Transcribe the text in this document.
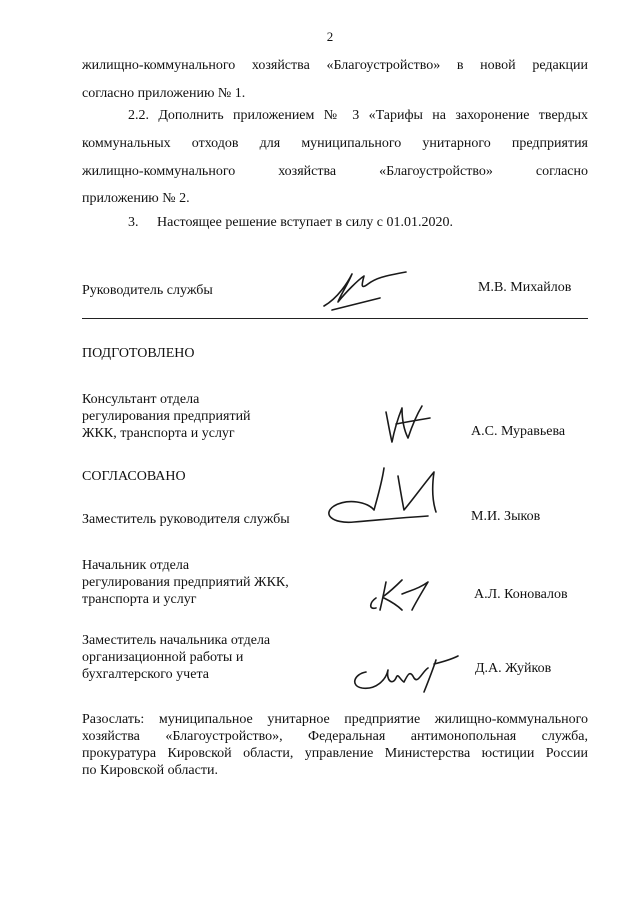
2
жилищно-коммунального хозяйства «Благоустройство» в новой редакции
согласно приложению № 1.
2.2. Дополнить приложением № 3 «Тарифы на захоронение твердых
коммунальных отходов для муниципального унитарного предприятия
жилищно-коммунального хозяйства «Благоустройство» согласно
приложению № 2.
3. Настоящее решение вступает в силу с 01.01.2020.
Руководитель службы	М.В. Михайлов
ПОДГОТОВЛЕНО
Консультант отдела
регулирования предприятий
ЖКК, транспорта и услуг	А.С. Муравьева
СОГЛАСОВАНО
Заместитель руководителя службы	М.И. Зыков
Начальник отдела
регулирования предприятий ЖКК,
транспорта и услуг	А.Л. Коновалов
Заместитель начальника отдела
организационной работы и
бухгалтерского учета	Д.А. Жуйков
Разослать: муниципальное унитарное предприятие жилищно-коммунального
хозяйства «Благоустройство», Федеральная антимонопольная служба,
прокуратура Кировской области, управление Министерства юстиции России
по Кировской области.
